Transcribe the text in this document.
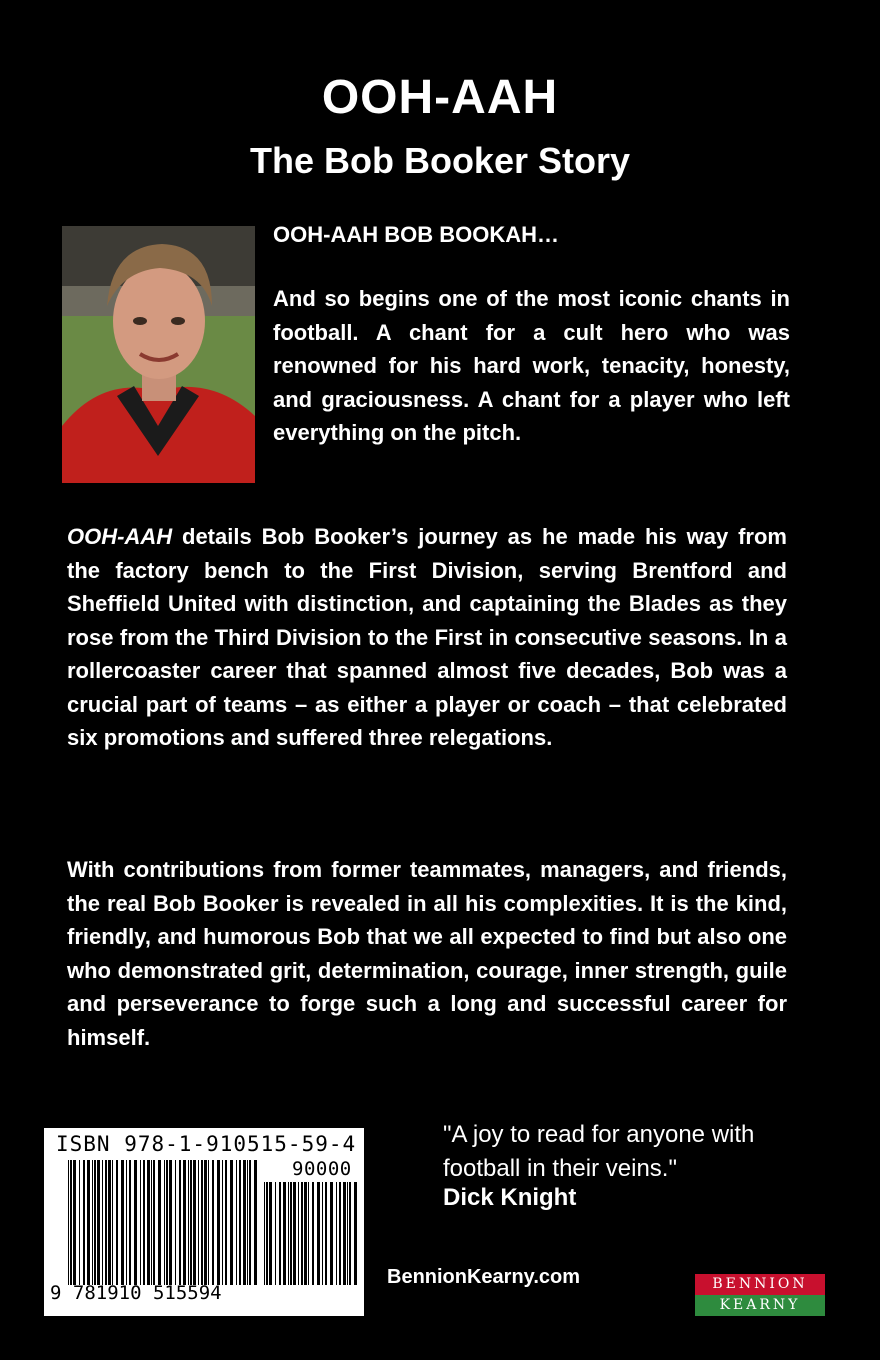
OOH-AAH
The Bob Booker Story
OOH-AAH BOB BOOKAH…
And so begins one of the most iconic chants in football. A chant for a cult hero who was renowned for his hard work, tenacity, honesty, and graciousness. A chant for a player who left everything on the pitch.
OOH-AAH details Bob Booker’s journey as he made his way from the factory bench to the First Division, serving Brentford and Sheffield United with distinction, and captaining the Blades as they rose from the Third Division to the First in consecutive seasons. In a rollercoaster career that spanned almost five decades, Bob was a crucial part of teams – as either a player or coach – that celebrated six promotions and suffered three relegations.
With contributions from former teammates, managers, and friends, the real Bob Booker is revealed in all his complexities. It is the kind, friendly, and humorous Bob that we all expected to find but also one who demonstrated grit, determination, courage, inner strength, guile and perseverance to forge such a long and successful career for himself.
ISBN 978-1-910515-59-4
90000
9 781910 515594
"A joy to read for anyone with football in their veins."
Dick Knight
BennionKearny.com	BENNION
KEARNY
